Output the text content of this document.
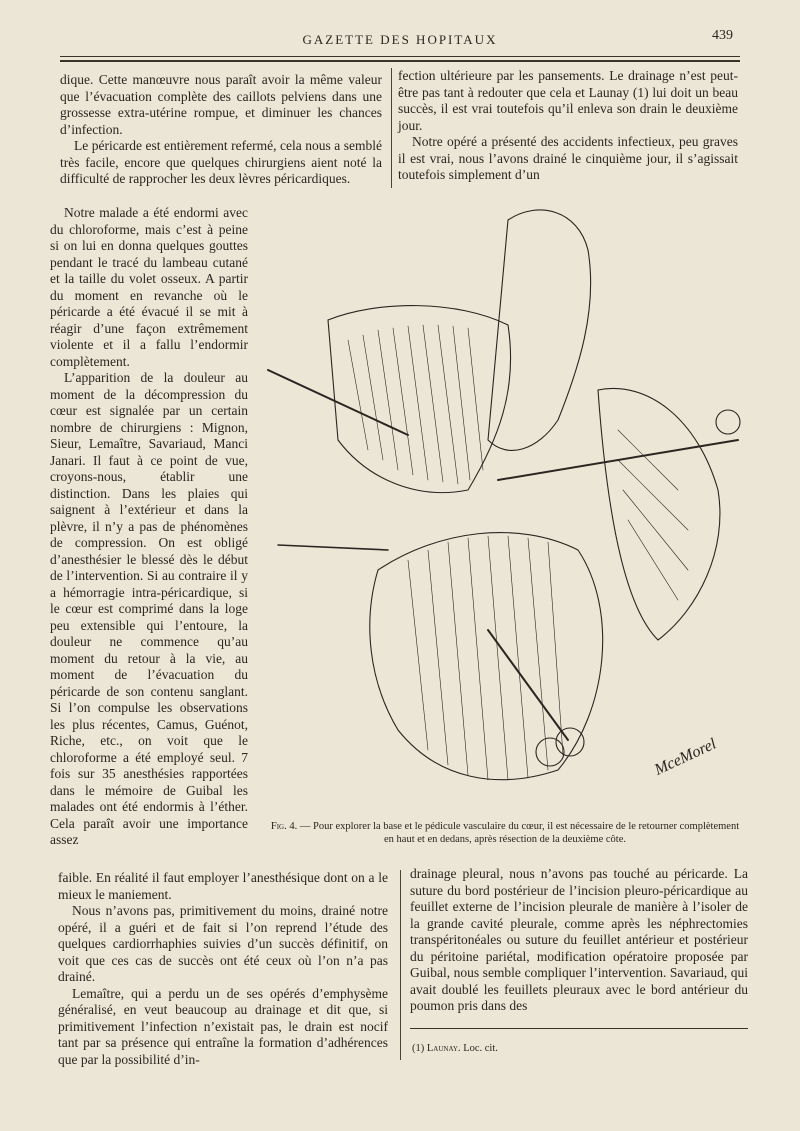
GAZETTE DES HOPITAUX	439

dique. Cette manœuvre nous paraît avoir la même valeur que l’évacuation complète des caillots pelviens dans une grossesse extra-utérine rompue, et diminuer les chances d’infection.

Le péricarde est entièrement refermé, cela nous a semblé très facile, encore que quelques chirurgiens aient noté la difficulté de rapprocher les deux lèvres péricardiques.

Notre malade a été endormi avec du chloroforme, mais c’est à peine si on lui en donna quelques gouttes pendant le tracé du lambeau cutané et la taille du volet osseux. A partir du moment en revanche où le péricarde a été évacué il se mit à réagir d’une façon extrêmement violente et il a fallu l’endormir complètement.

L’apparition de la douleur au moment de la décompression du cœur est signalée par un certain nombre de chirurgiens : Mignon, Sieur, Lemaître, Savariaud, Manci Janari. Il faut à ce point de vue, croyons-nous, établir une distinction. Dans les plaies qui saignent à l’extérieur et dans la plèvre, il n’y a pas de phénomènes de compression. On est obligé d’anesthésier le blessé dès le début de l’intervention. Si au contraire il y a hémorragie intra-péricardique, si le cœur est comprimé dans la loge peu extensible qui l’entoure, la douleur ne commence qu’au moment du retour à la vie, au moment de l’évacuation du péricarde de son contenu sanglant. Si l’on compulse les observations les plus récentes, Camus, Guénot, Riche, etc., on voit que le chloroforme a été employé seul. 7 fois sur 35 anesthésies rapportées dans le mémoire de Guibal les malades ont été endormis à l’éther. Cela paraît avoir une importance assez

faible. En réalité il faut employer l’anesthésique dont on a le mieux le maniement.

Nous n’avons pas, primitivement du moins, drainé notre opéré, il a guéri et de fait si l’on reprend l’étude des quelques cardiorrhaphies suivies d’un succès définitif, on voit que ces cas de succès ont été ceux où l’on n’a pas drainé.

Lemaître, qui a perdu un de ses opérés d’emphysème généralisé, en veut beaucoup au drainage et dit que, si primitivement l’infection n’existait pas, le drain est nocif tant par sa présence qui entraîne la formation d’adhérences que par la possibilité d’in-

fection ultérieure par les pansements. Le drainage n’est peut-être pas tant à redouter que cela et Launay (1) lui doit un beau succès, il est vrai toutefois qu’il enleva son drain le deuxième jour.

Notre opéré a présenté des accidents infectieux, peu graves il est vrai, nous l’avons drainé le cinquième jour, il s’agissait toutefois simplement d’un

MceMorel
Fig. 4. — Pour explorer la base et le pédicule vasculaire du cœur, il est nécessaire de le retourner complètement en haut et en dedans, après résection de la deuxième côte.

drainage pleural, nous n’avons pas touché au péricarde. La suture du bord postérieur de l’incision pleuro-péricardique au feuillet externe de l’incision pleurale de manière à l’isoler de la grande cavité pleurale, comme après les néphrectomies transpéritonéales ou suture du feuillet antérieur et postérieur du péritoine pariétal, modification opératoire proposée par Guibal, nous semble compliquer l’intervention. Savariaud, qui avait doublé les feuillets pleuraux avec le bord antérieur du poumon pris dans des

(1) Launay. Loc. cit.
